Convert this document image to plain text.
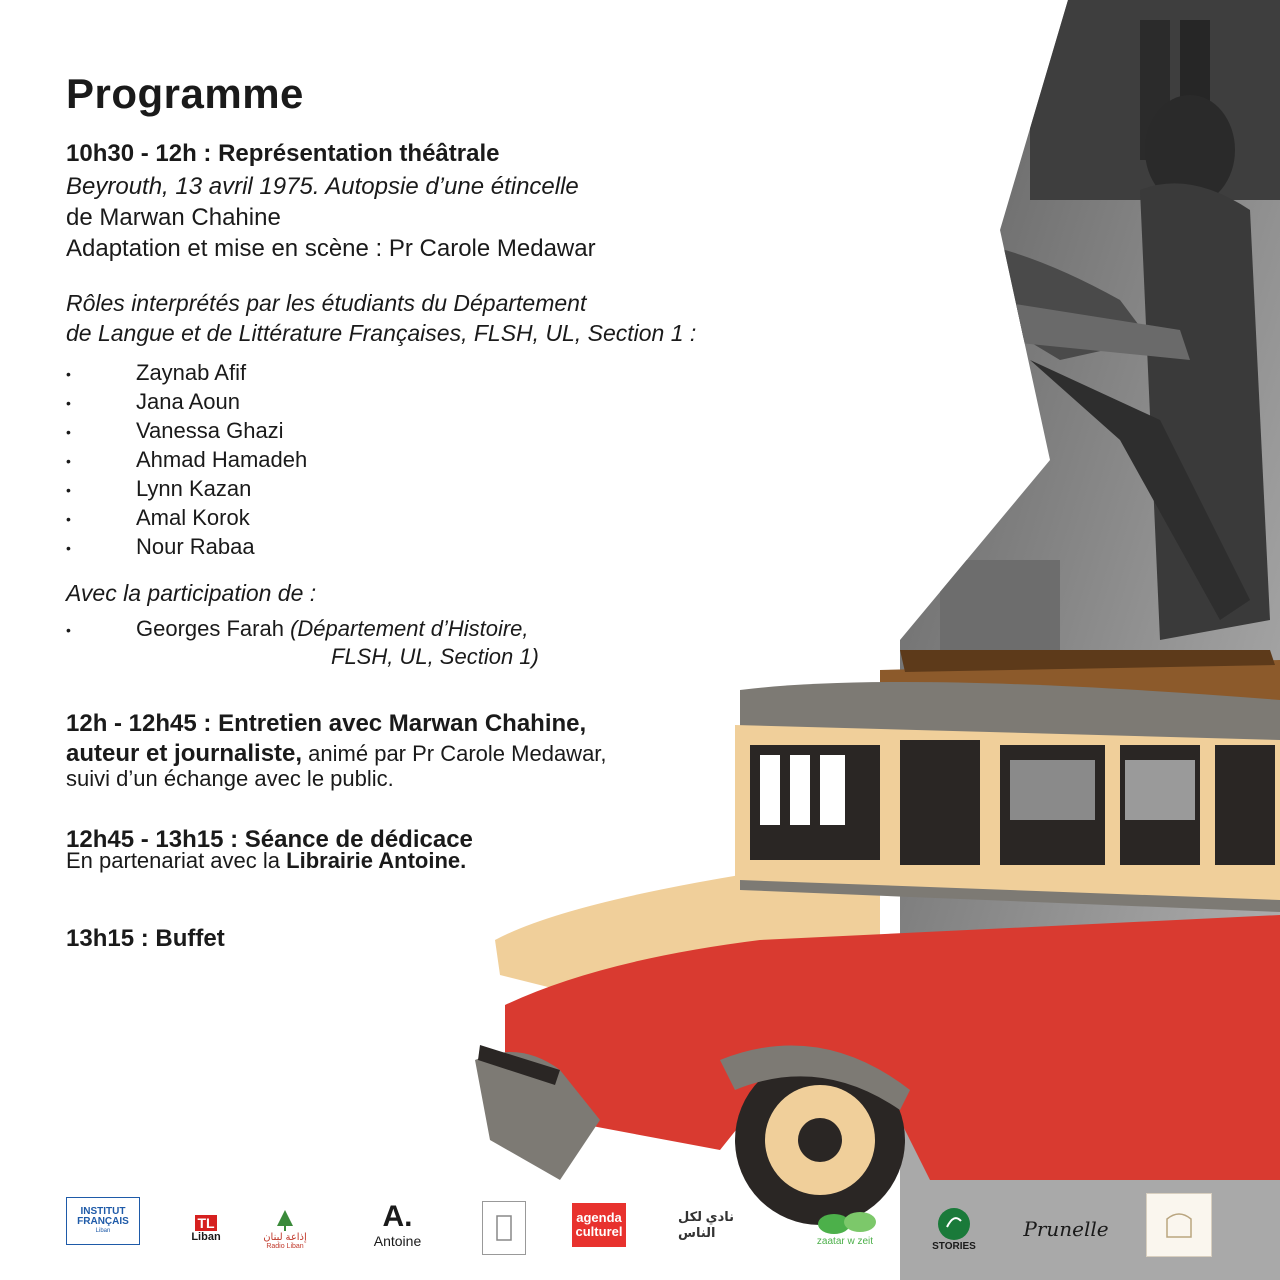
Programme
10h30 - 12h : Représentation théâtrale
Beyrouth, 13 avril 1975. Autopsie d’une étincelle
de Marwan Chahine
Adaptation et mise en scène : Pr Carole Medawar
Rôles interprétés par les étudiants du Département
de Langue et de Littérature Françaises, FLSH, UL, Section 1 :
•	Zaynab Afif
•	Jana Aoun
•	Vanessa Ghazi
•	Ahmad Hamadeh
•	Lynn Kazan
•	Amal Korok
•	Nour Rabaa
Avec la participation de :
•	Georges Farah (Département d’Histoire,
FLSH, UL, Section 1)
12h - 12h45 : Entretien avec Marwan Chahine,
auteur et journaliste, animé par Pr Carole Medawar,
suivi d’un échange avec le public.
12h45 - 13h15 : Séance de dédicace
En partenariat avec la Librairie Antoine.
13h15 : Buffet
INSTITUT
FRANÇAIS
Liban	TL
Liban	إذاعة لبنان
Radio Liban
A.
Antoine
agenda
culturel
نادي لكل الناس
zaatar w zeit	STORIES
Prunelle
